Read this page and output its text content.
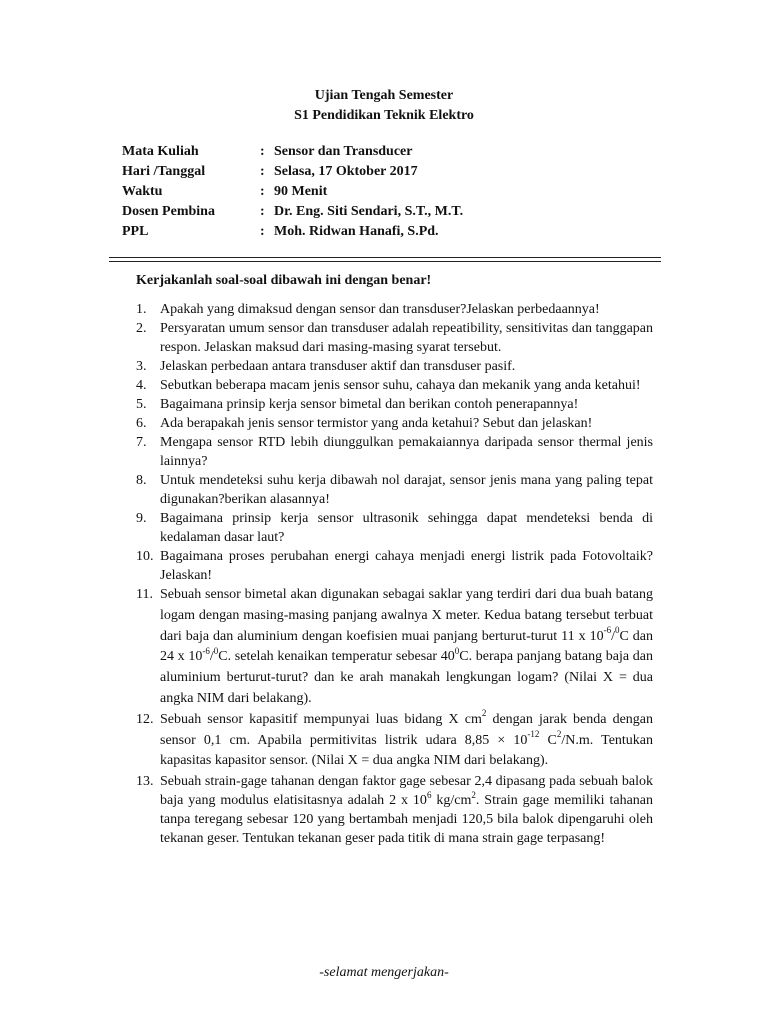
Ujian Tengah Semester
S1 Pendidikan Teknik Elektro
Mata Kuliah	: Sensor dan Transducer
Hari /Tanggal	: Selasa, 17 Oktober 2017
Waktu	: 90 Menit
Dosen Pembina	: Dr. Eng. Siti Sendari, S.T., M.T.
PPL	: Moh. Ridwan Hanafi, S.Pd.
Kerjakanlah soal-soal dibawah ini dengan benar!
1. Apakah yang dimaksud dengan sensor dan transduser?Jelaskan perbedaannya!
2. Persyaratan umum sensor dan transduser adalah repeatibility, sensitivitas dan tanggapan respon. Jelaskan maksud dari masing-masing syarat tersebut.
3. Jelaskan perbedaan antara transduser aktif dan transduser pasif.
4. Sebutkan beberapa macam jenis sensor suhu, cahaya dan mekanik yang anda ketahui!
5. Bagaimana prinsip kerja sensor bimetal dan berikan contoh penerapannya!
6. Ada berapakah jenis sensor termistor yang anda ketahui? Sebut dan jelaskan!
7. Mengapa sensor RTD lebih diunggulkan pemakaiannya daripada sensor thermal jenis lainnya?
8. Untuk mendeteksi suhu kerja dibawah nol darajat, sensor jenis mana yang paling tepat digunakan?berikan alasannya!
9. Bagaimana prinsip kerja sensor ultrasonik sehingga dapat mendeteksi benda di kedalaman dasar laut?
10. Bagaimana proses perubahan energi cahaya menjadi energi listrik pada Fotovoltaik? Jelaskan!
11. Sebuah sensor bimetal akan digunakan sebagai saklar yang terdiri dari dua buah batang logam dengan masing-masing panjang awalnya X meter. Kedua batang tersebut terbuat dari baja dan aluminium dengan koefisien muai panjang berturut-turut 11 x $10^{-6}/^0C$ dan 24 x $10^{-6}/^0C$. setelah kenaikan temperatur sebesar $40^0C$. berapa panjang batang baja dan aluminium berturut-turut? dan ke arah manakah lengkungan logam? (Nilai X = dua angka NIM dari belakang).
12. Sebuah sensor kapasitif mempunyai luas bidang X $cm^2$ dengan jarak benda dengan sensor 0,1 cm. Apabila permitivitas listrik udara $8,85 \times 10^{-12}$ $C^2/N.m$. Tentukan kapasitas kapasitor sensor. (Nilai X = dua angka NIM dari belakang).
13. Sebuah strain-gage tahanan dengan faktor gage sebesar 2,4 dipasang pada sebuah balok baja yang modulus elatisitasnya adalah 2 x $10^6$ $kg/cm^2$. Strain gage memiliki tahanan tanpa teregang sebesar 120 yang bertambah menjadi 120,5 bila balok dipengaruhi oleh tekanan geser. Tentukan tekanan geser pada titik di mana strain gage terpasang!
-selamat mengerjakan-
